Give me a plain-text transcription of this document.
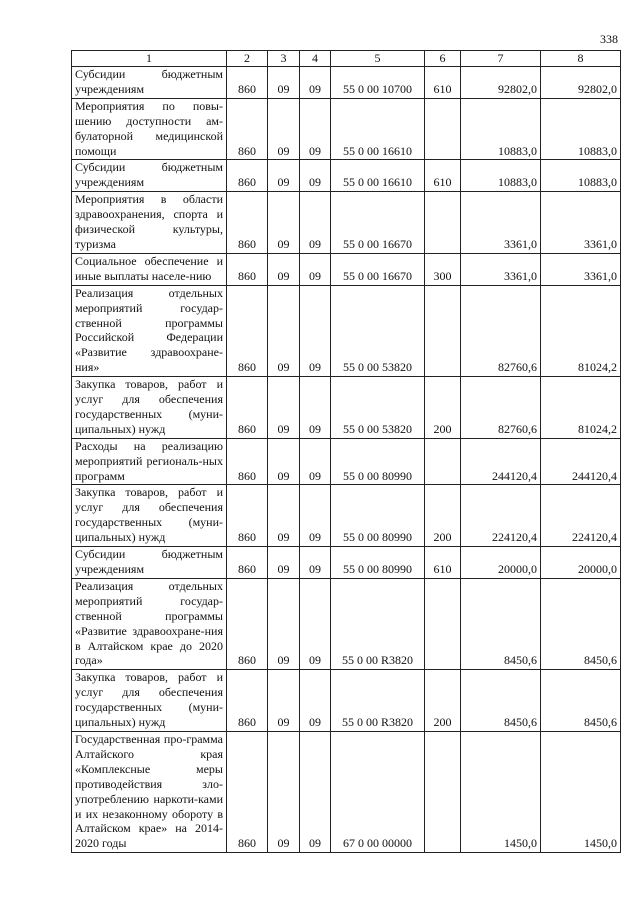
338
1	2	3	4	5	6	7	8
Субсидии бюджетным учреждениям	860	09	09	55 0 00 10700	610	92802,0	92802,0
Мероприятия по повы-шению доступности ам-булаторной медицинской помощи	860	09	09	55 0 00 16610		10883,0	10883,0
Субсидии бюджетным учреждениям	860	09	09	55 0 00 16610	610	10883,0	10883,0
Мероприятия в области здравоохранения, спорта и физической культуры, туризма	860	09	09	55 0 00 16670		3361,0	3361,0
Социальное обеспечение и иные выплаты населе-нию	860	09	09	55 0 00 16670	300	3361,0	3361,0
Реализация отдельных мероприятий государ-ственной программы Российской Федерации «Развитие здравоохране-ния»	860	09	09	55 0 00 53820		82760,6	81024,2
Закупка товаров, работ и услуг для обеспечения государственных (муни-ципальных) нужд	860	09	09	55 0 00 53820	200	82760,6	81024,2
Расходы на реализацию мероприятий региональ-ных программ	860	09	09	55 0 00 80990		244120,4	244120,4
Закупка товаров, работ и услуг для обеспечения государственных (муни-ципальных) нужд	860	09	09	55 0 00 80990	200	224120,4	224120,4
Субсидии бюджетным учреждениям	860	09	09	55 0 00 80990	610	20000,0	20000,0
Реализация отдельных мероприятий государ-ственной программы «Развитие здравоохране-ния в Алтайском крае до 2020 года»	860	09	09	55 0 00 R3820		8450,6	8450,6
Закупка товаров, работ и услуг для обеспечения государственных (муни-ципальных) нужд	860	09	09	55 0 00 R3820	200	8450,6	8450,6
Государственная про-грамма Алтайского края «Комплексные меры противодействия зло-употреблению наркоти-ками и их незаконному обороту в Алтайском крае» на 2014-2020 годы	860	09	09	67 0 00 00000		1450,0	1450,0
